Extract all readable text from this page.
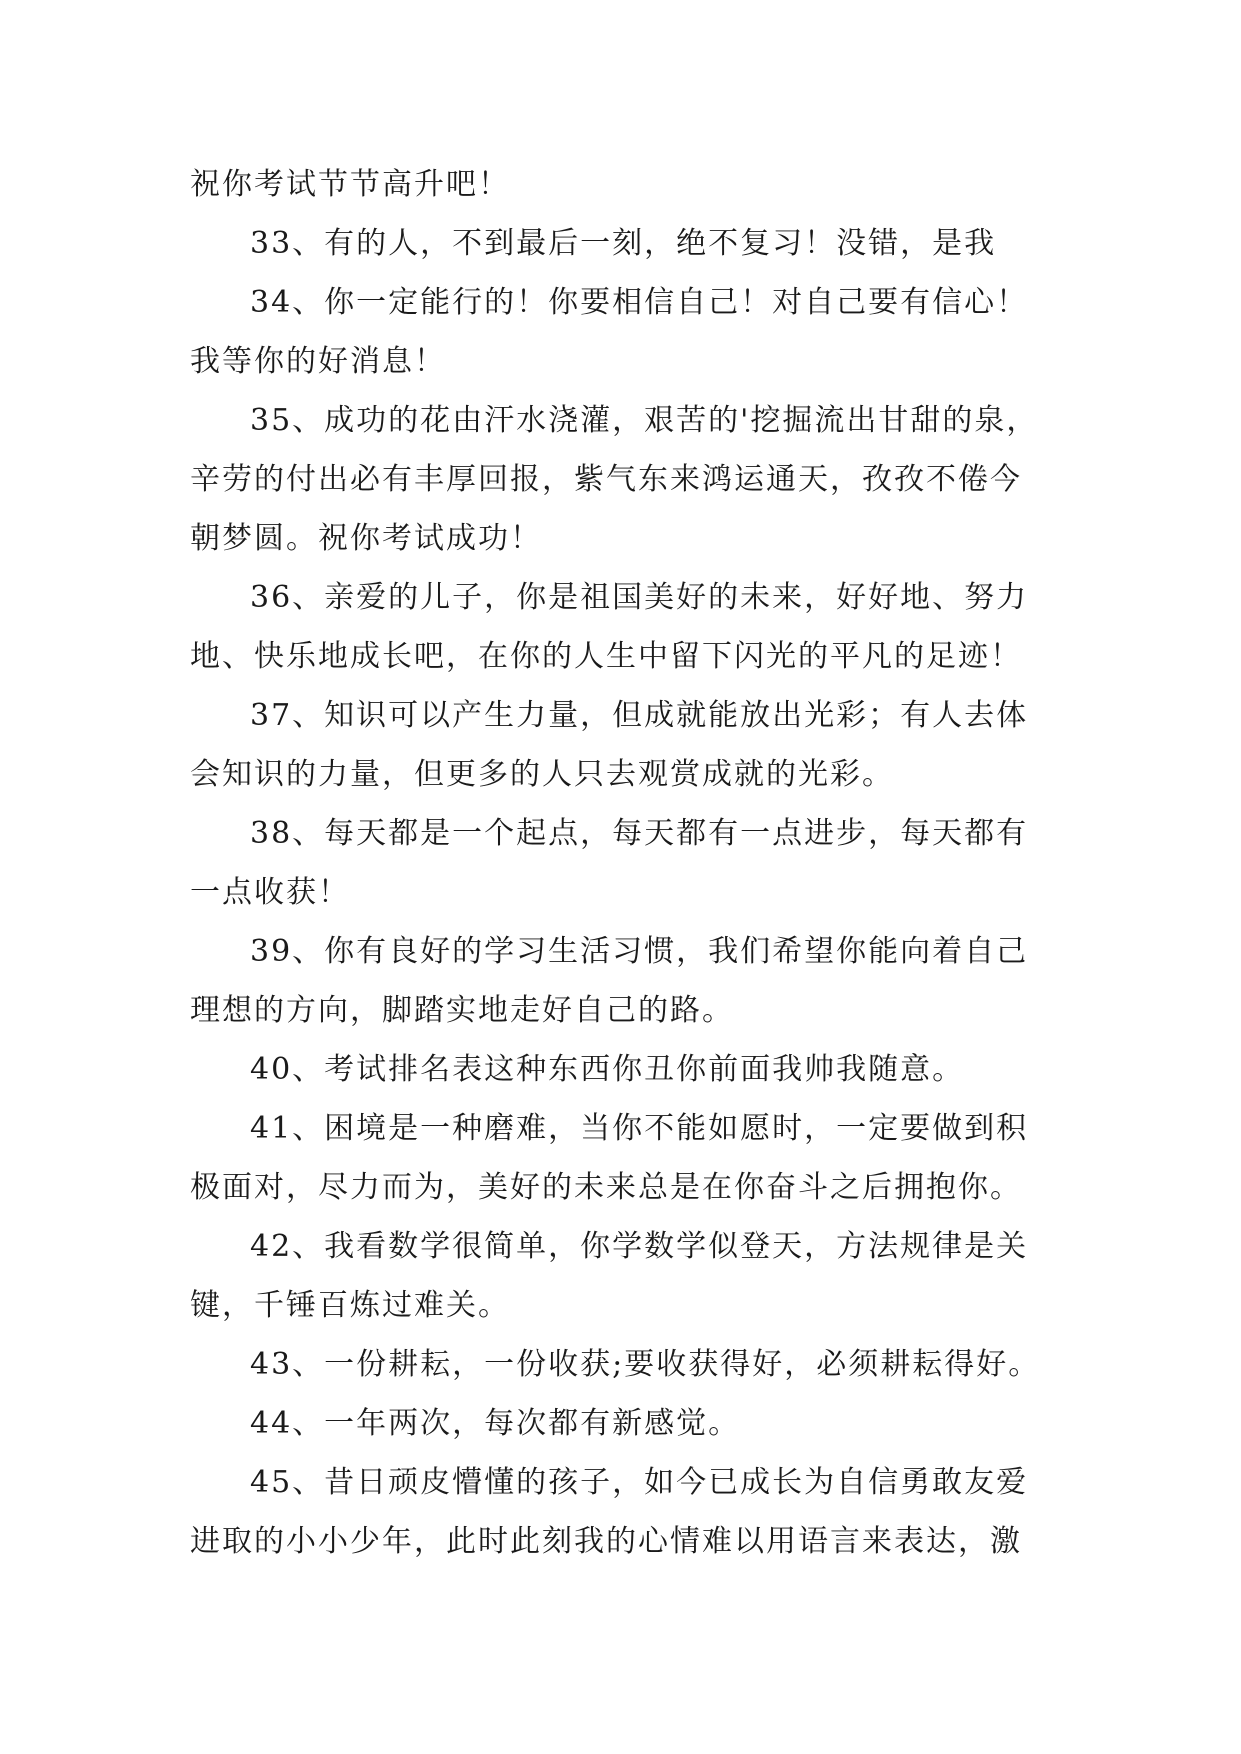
祝你考试节节高升吧！
33、有的人，不到最后一刻，绝不复习！没错，是我
34、你一定能行的！你要相信自己！对自己要有信心！
我等你的好消息！
35、成功的花由汗水浇灌，艰苦的'挖掘流出甘甜的泉，
辛劳的付出必有丰厚回报，紫气东来鸿运通天，孜孜不倦今
朝梦圆。祝你考试成功！
36、亲爱的儿子，你是祖国美好的未来，好好地、努力
地、快乐地成长吧，在你的人生中留下闪光的平凡的足迹！
37、知识可以产生力量，但成就能放出光彩；有人去体
会知识的力量，但更多的人只去观赏成就的光彩。
38、每天都是一个起点，每天都有一点进步，每天都有
一点收获！
39、你有良好的学习生活习惯，我们希望你能向着自己
理想的方向，脚踏实地走好自己的路。
40、考试排名表这种东西你丑你前面我帅我随意。
41、困境是一种磨难，当你不能如愿时，一定要做到积
极面对，尽力而为，美好的未来总是在你奋斗之后拥抱你。
42、我看数学很简单，你学数学似登天，方法规律是关
键，千锤百炼过难关。
43、一份耕耘，一份收获;要收获得好，必须耕耘得好。
44、一年两次，每次都有新感觉。
45、昔日顽皮懵懂的孩子，如今已成长为自信勇敢友爱
进取的小小少年，此时此刻我的心情难以用语言来表达，激
